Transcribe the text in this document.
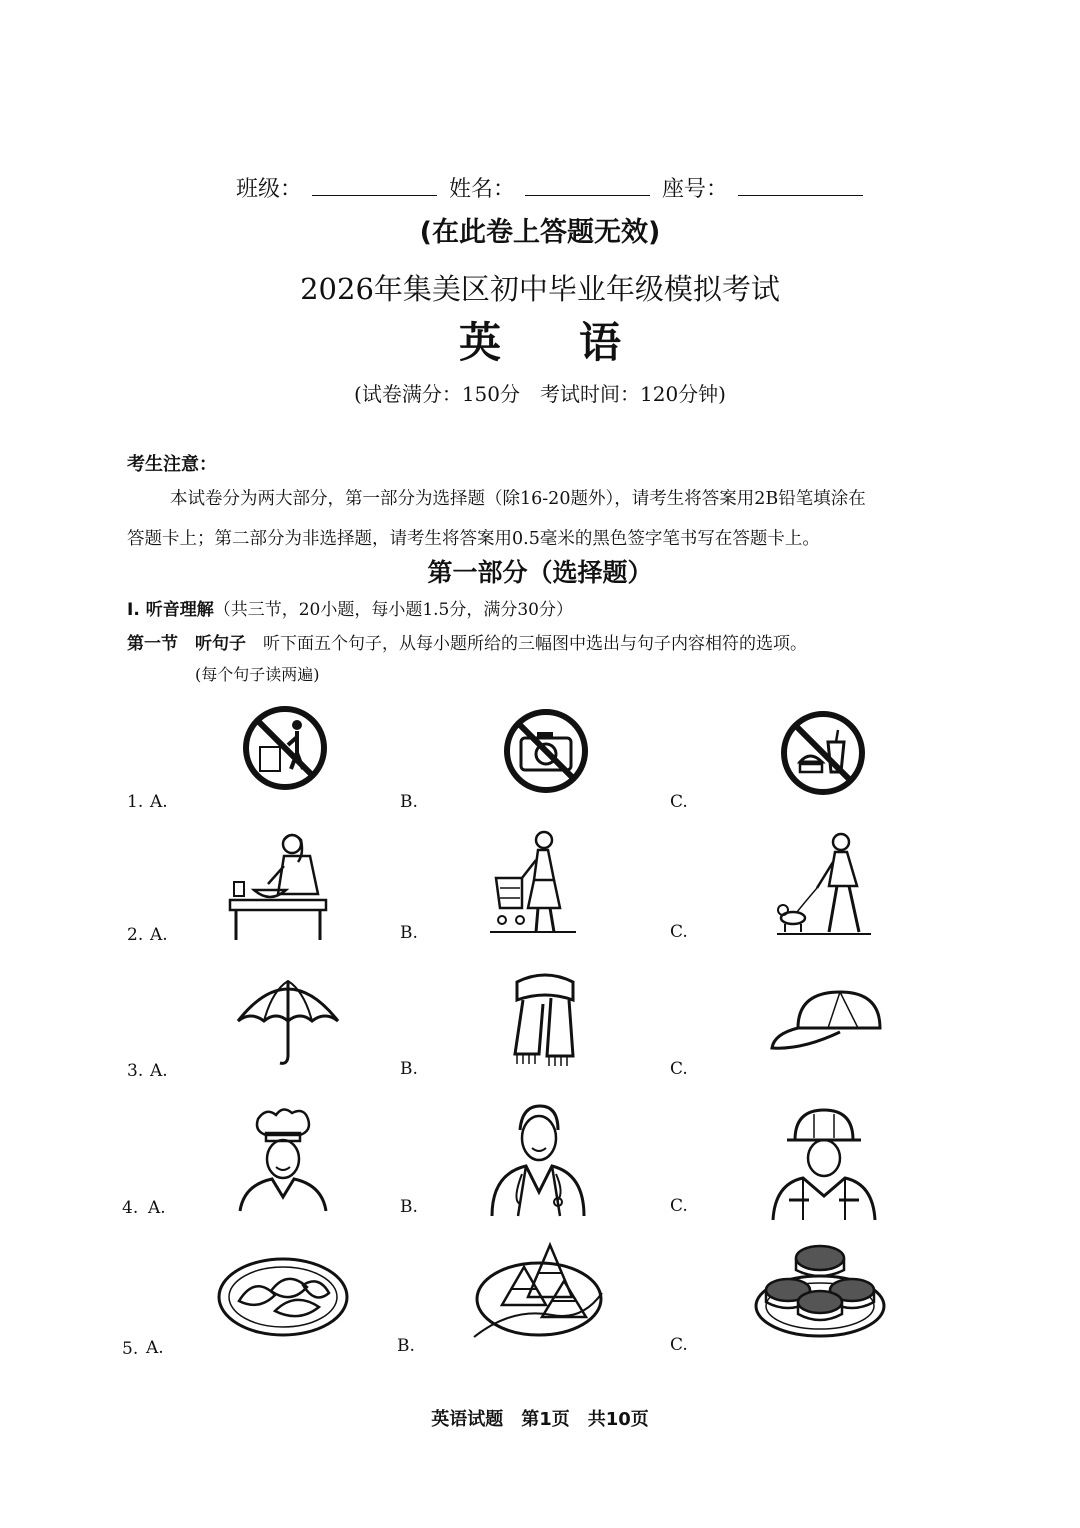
班级：	姓名：	座号：
(在此卷上答题无效)
2026年集美区初中毕业年级模拟考试
英 语
(试卷满分：150分　考试时间：120分钟)
考生注意：
本试卷分为两大部分，第一部分为选择题（除16-20题外），请考生将答案用2B铅笔填涂在
答题卡上；第二部分为非选择题，请考生将答案用0.5毫米的黑色签字笔书写在答题卡上。
第一部分（选择题）
I. 听音理解（共三节，20小题，每小题1.5分，满分30分）
第一节　听句子　 听下面五个句子，从每小题所给的三幅图中选出与句子内容相符的选项。
(每个句子读两遍)
1. A.	B.	C.
2. A.	B.	C.
3. A.	B.	C.
4. A.	B.	C.
5. A.	B.	C.
英语试题　第1页　共10页
